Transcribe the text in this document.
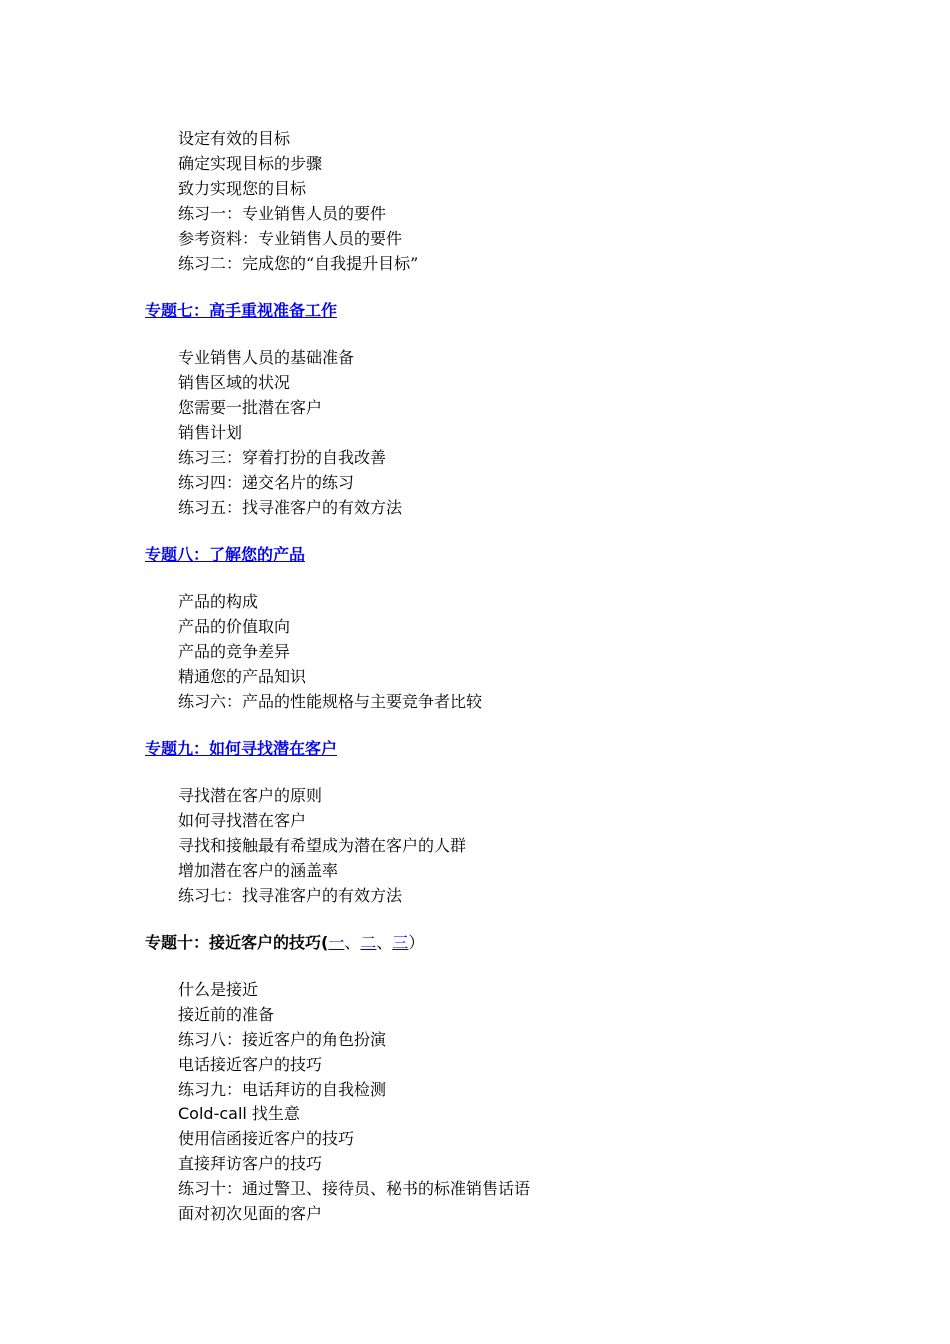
设定有效的目标
确定实现目标的步骤
致力实现您的目标
练习一：专业销售人员的要件
参考资料：专业销售人员的要件
练习二：完成您的“自我提升目标”
专题七：高手重视准备工作
专业销售人员的基础准备
销售区域的状况
您需要一批潜在客户
销售计划
练习三：穿着打扮的自我改善
练习四：递交名片的练习
练习五：找寻准客户的有效方法
专题八：了解您的产品
产品的构成
产品的价值取向
产品的竞争差异
精通您的产品知识
练习六：产品的性能规格与主要竞争者比较
专题九：如何寻找潜在客户
寻找潜在客户的原则
如何寻找潜在客户
寻找和接触最有希望成为潜在客户的人群
增加潜在客户的涵盖率
练习七：找寻准客户的有效方法
专题十：接近客户的技巧(一、二、三）
什么是接近
接近前的准备
练习八：接近客户的角色扮演
电话接近客户的技巧
练习九：电话拜访的自我检测
Cold-call 找生意
使用信函接近客户的技巧
直接拜访客户的技巧
练习十：通过警卫、接待员、秘书的标准销售话语
面对初次见面的客户
